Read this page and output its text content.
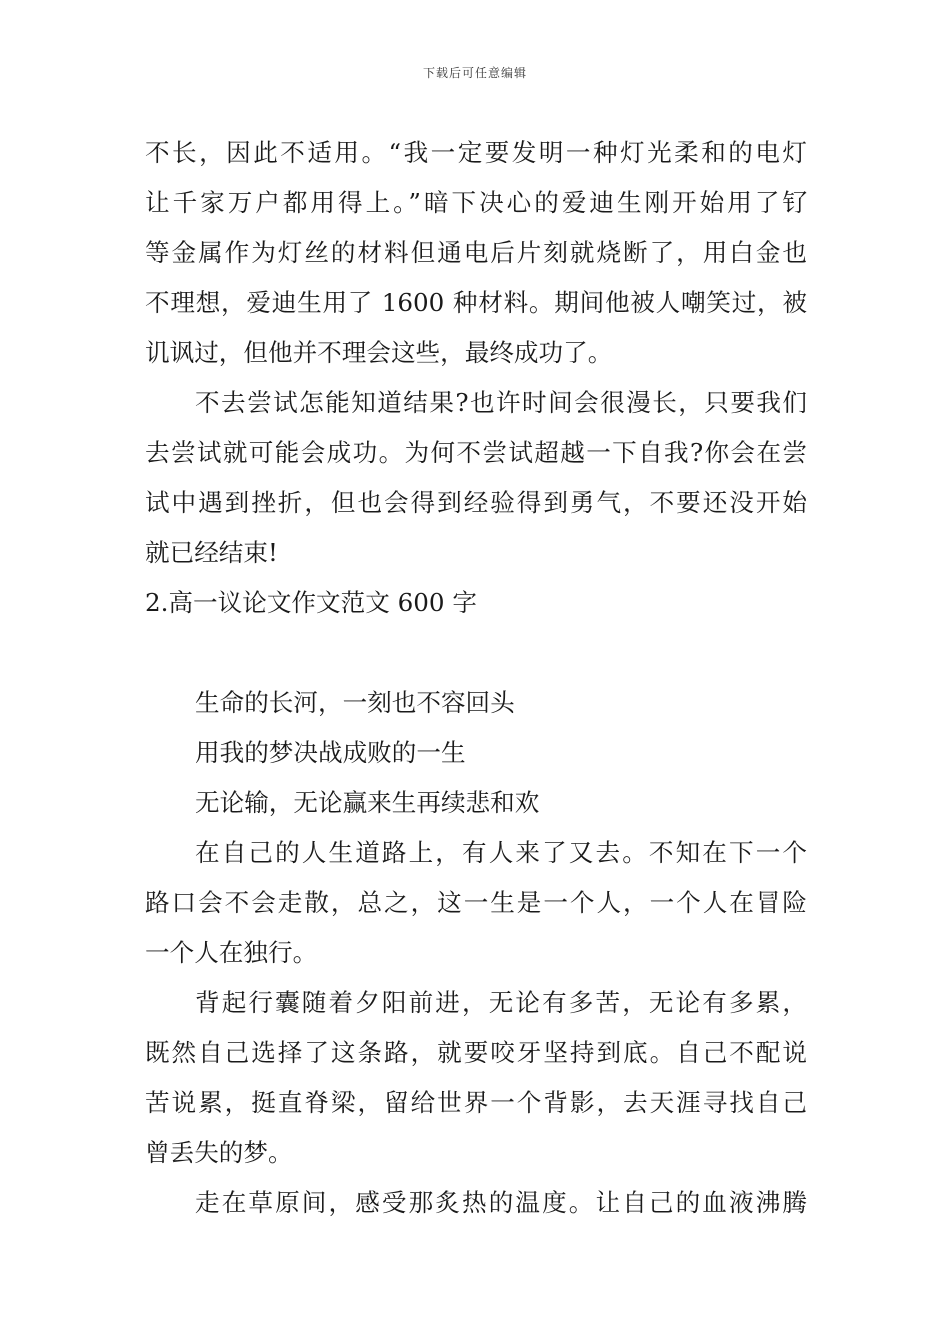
下载后可任意编辑
不长，因此不适用。“我一定要发明一种灯光柔和的电灯
让千家万户都用得上。”暗下决心的爱迪生刚开始用了钌
等金属作为灯丝的材料但通电后片刻就烧断了，用白金也
不理想，爱迪生用了 1600 种材料。期间他被人嘲笑过，被
讥讽过，但他并不理会这些，最终成功了。
不去尝试怎能知道结果?也许时间会很漫长，只要我们
去尝试就可能会成功。为何不尝试超越一下自我?你会在尝
试中遇到挫折，但也会得到经验得到勇气，不要还没开始
就已经结束!
2.高一议论文作文范文 600 字
生命的长河，一刻也不容回头
用我的梦决战成败的一生
无论输，无论赢来生再续悲和欢
在自己的人生道路上，有人来了又去。不知在下一个
路口会不会走散，总之，这一生是一个人，一个人在冒险
一个人在独行。
背起行囊随着夕阳前进，无论有多苦，无论有多累，
既然自己选择了这条路，就要咬牙坚持到底。自己不配说
苦说累，挺直脊梁，留给世界一个背影，去天涯寻找自己
曾丢失的梦。
走在草原间，感受那炙热的温度。让自己的血液沸腾
